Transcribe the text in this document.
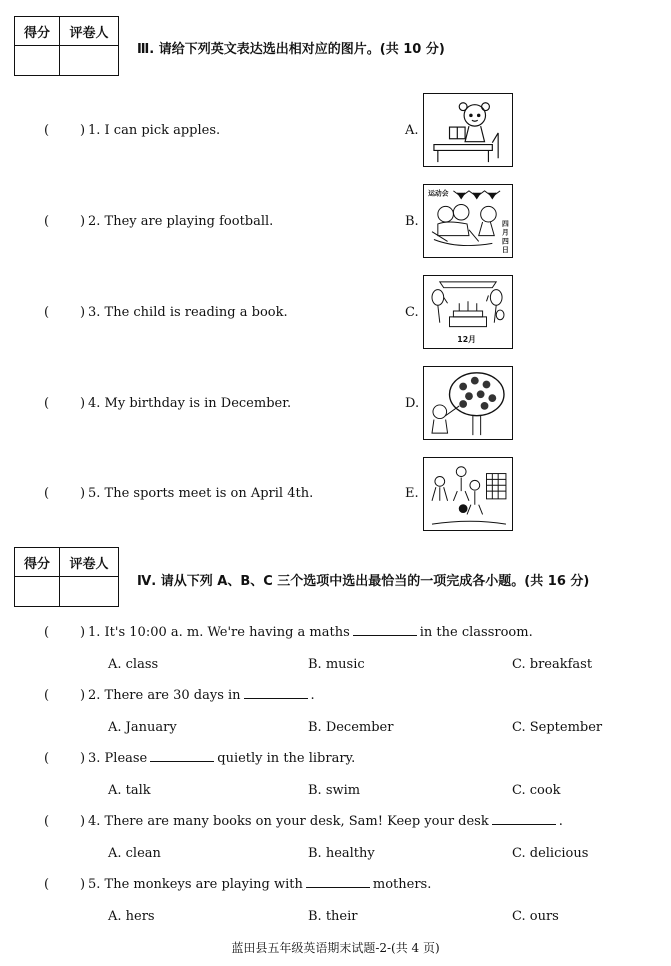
得分	评卷人

Ⅲ. 请给下列英文表达选出相对应的图片。(共 10 分)
( ) 1. I can pick apples.
( ) 2. They are playing football.
( ) 3. The child is reading a book.
( ) 4. My birthday is in December.
( ) 5. The sports meet is on April 4th.
A.
B.
C.
D.
E.
运动会
四
月
四
日
12月
得分	评卷人

Ⅳ. 请从下列 A、B、C 三个选项中选出最恰当的一项完成各小题。(共 16 分)
( ) 1. It's 10:00 a. m. We're having a maths	in the classroom.
A. class	B. music	C. breakfast
( ) 2. There are 30 days in	.
A. January	B. December	C. September
( ) 3. Please	quietly in the library.
A. talk	B. swim	C. cook
( ) 4. There are many books on your desk, Sam! Keep your desk	.
A. clean	B. healthy	C. delicious
( ) 5. The monkeys are playing with	mothers.
A. hers	B. their	C. ours
蓝田县五年级英语期末试题-2-(共 4 页)
